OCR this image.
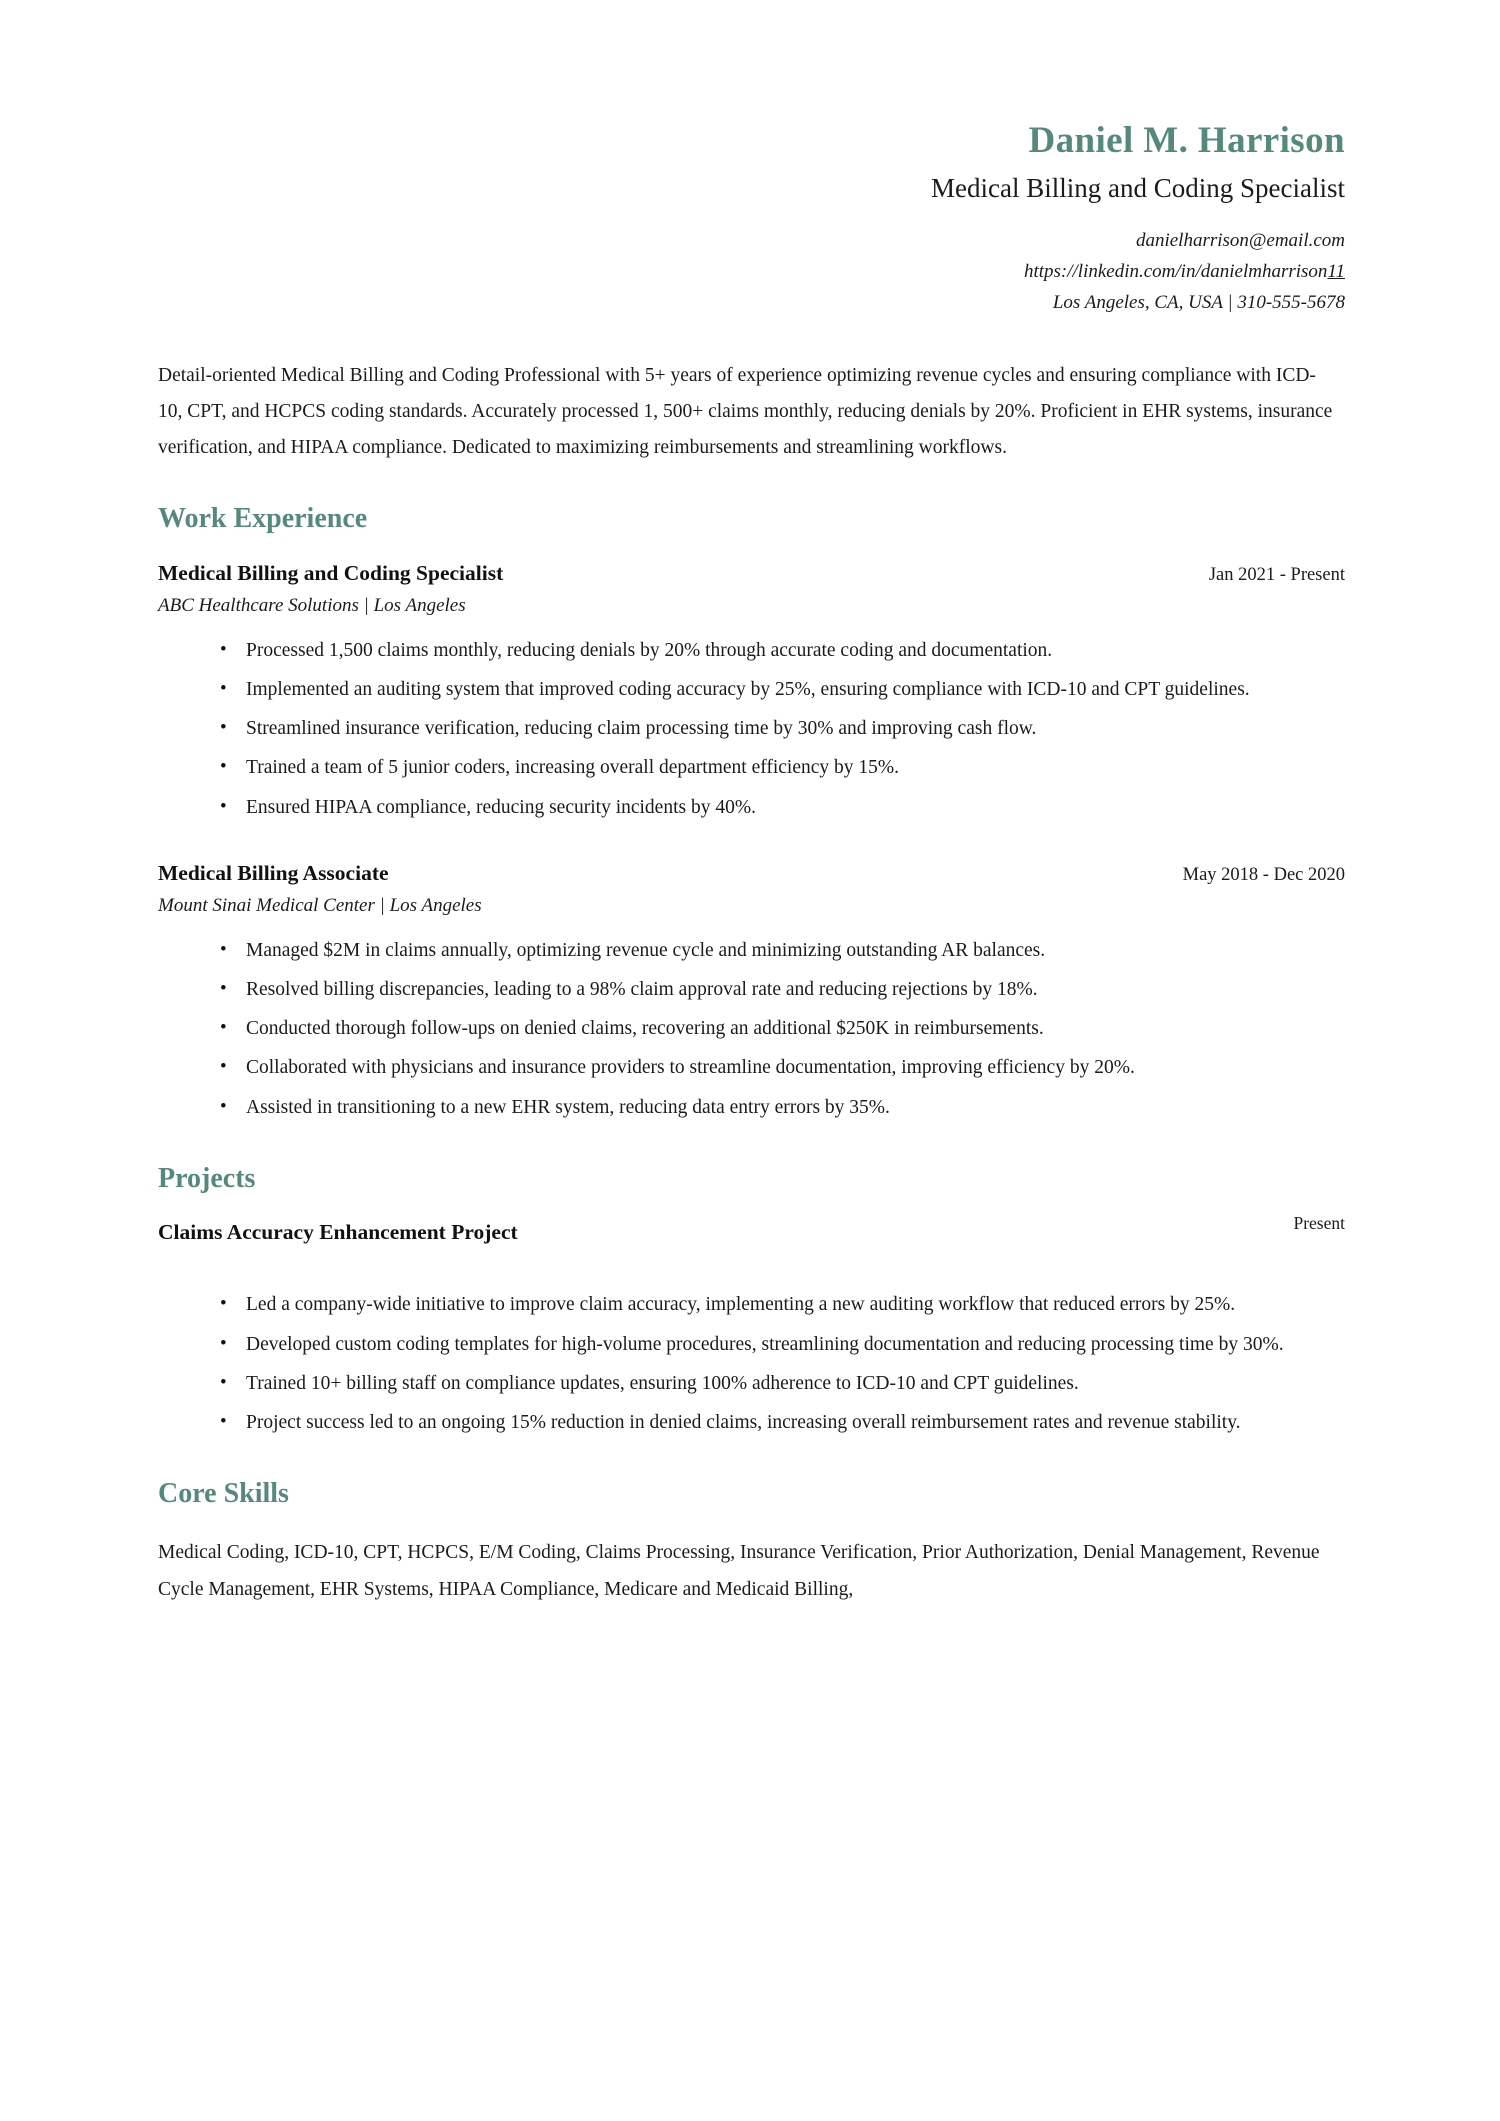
Daniel M. Harrison
Medical Billing and Coding Specialist
danielharrison@email.com
https://linkedin.com/in/danielmharrison11
Los Angeles, CA, USA | 310-555-5678
Detail-oriented Medical Billing and Coding Professional with 5+ years of experience optimizing revenue cycles and ensuring compliance with ICD-10, CPT, and HCPCS coding standards. Accurately processed 1, 500+ claims monthly, reducing denials by 20%. Proficient in EHR systems, insurance verification, and HIPAA compliance. Dedicated to maximizing reimbursements and streamlining workflows.
Work Experience
Medical Billing and Coding Specialist	Jan 2021 - Present
ABC Healthcare Solutions | Los Angeles
• Processed 1,500 claims monthly, reducing denials by 20% through accurate coding and documentation.
• Implemented an auditing system that improved coding accuracy by 25%, ensuring compliance with ICD-10 and CPT guidelines.
• Streamlined insurance verification, reducing claim processing time by 30% and improving cash flow.
• Trained a team of 5 junior coders, increasing overall department efficiency by 15%.
• Ensured HIPAA compliance, reducing security incidents by 40%.
Medical Billing Associate	May 2018 - Dec 2020
Mount Sinai Medical Center | Los Angeles
• Managed $2M in claims annually, optimizing revenue cycle and minimizing outstanding AR balances.
• Resolved billing discrepancies, leading to a 98% claim approval rate and reducing rejections by 18%.
• Conducted thorough follow-ups on denied claims, recovering an additional $250K in reimbursements.
• Collaborated with physicians and insurance providers to streamline documentation, improving efficiency by 20%.
• Assisted in transitioning to a new EHR system, reducing data entry errors by 35%.
Projects
Claims Accuracy Enhancement Project	Present
• Led a company-wide initiative to improve claim accuracy, implementing a new auditing workflow that reduced errors by 25%.
• Developed custom coding templates for high-volume procedures, streamlining documentation and reducing processing time by 30%.
• Trained 10+ billing staff on compliance updates, ensuring 100% adherence to ICD-10 and CPT guidelines.
• Project success led to an ongoing 15% reduction in denied claims, increasing overall reimbursement rates and revenue stability.
Core Skills
Medical Coding, ICD-10, CPT, HCPCS, E/M Coding, Claims Processing, Insurance Verification, Prior Authorization, Denial Management, Revenue Cycle Management, EHR Systems, HIPAA Compliance, Medicare and Medicaid Billing,
